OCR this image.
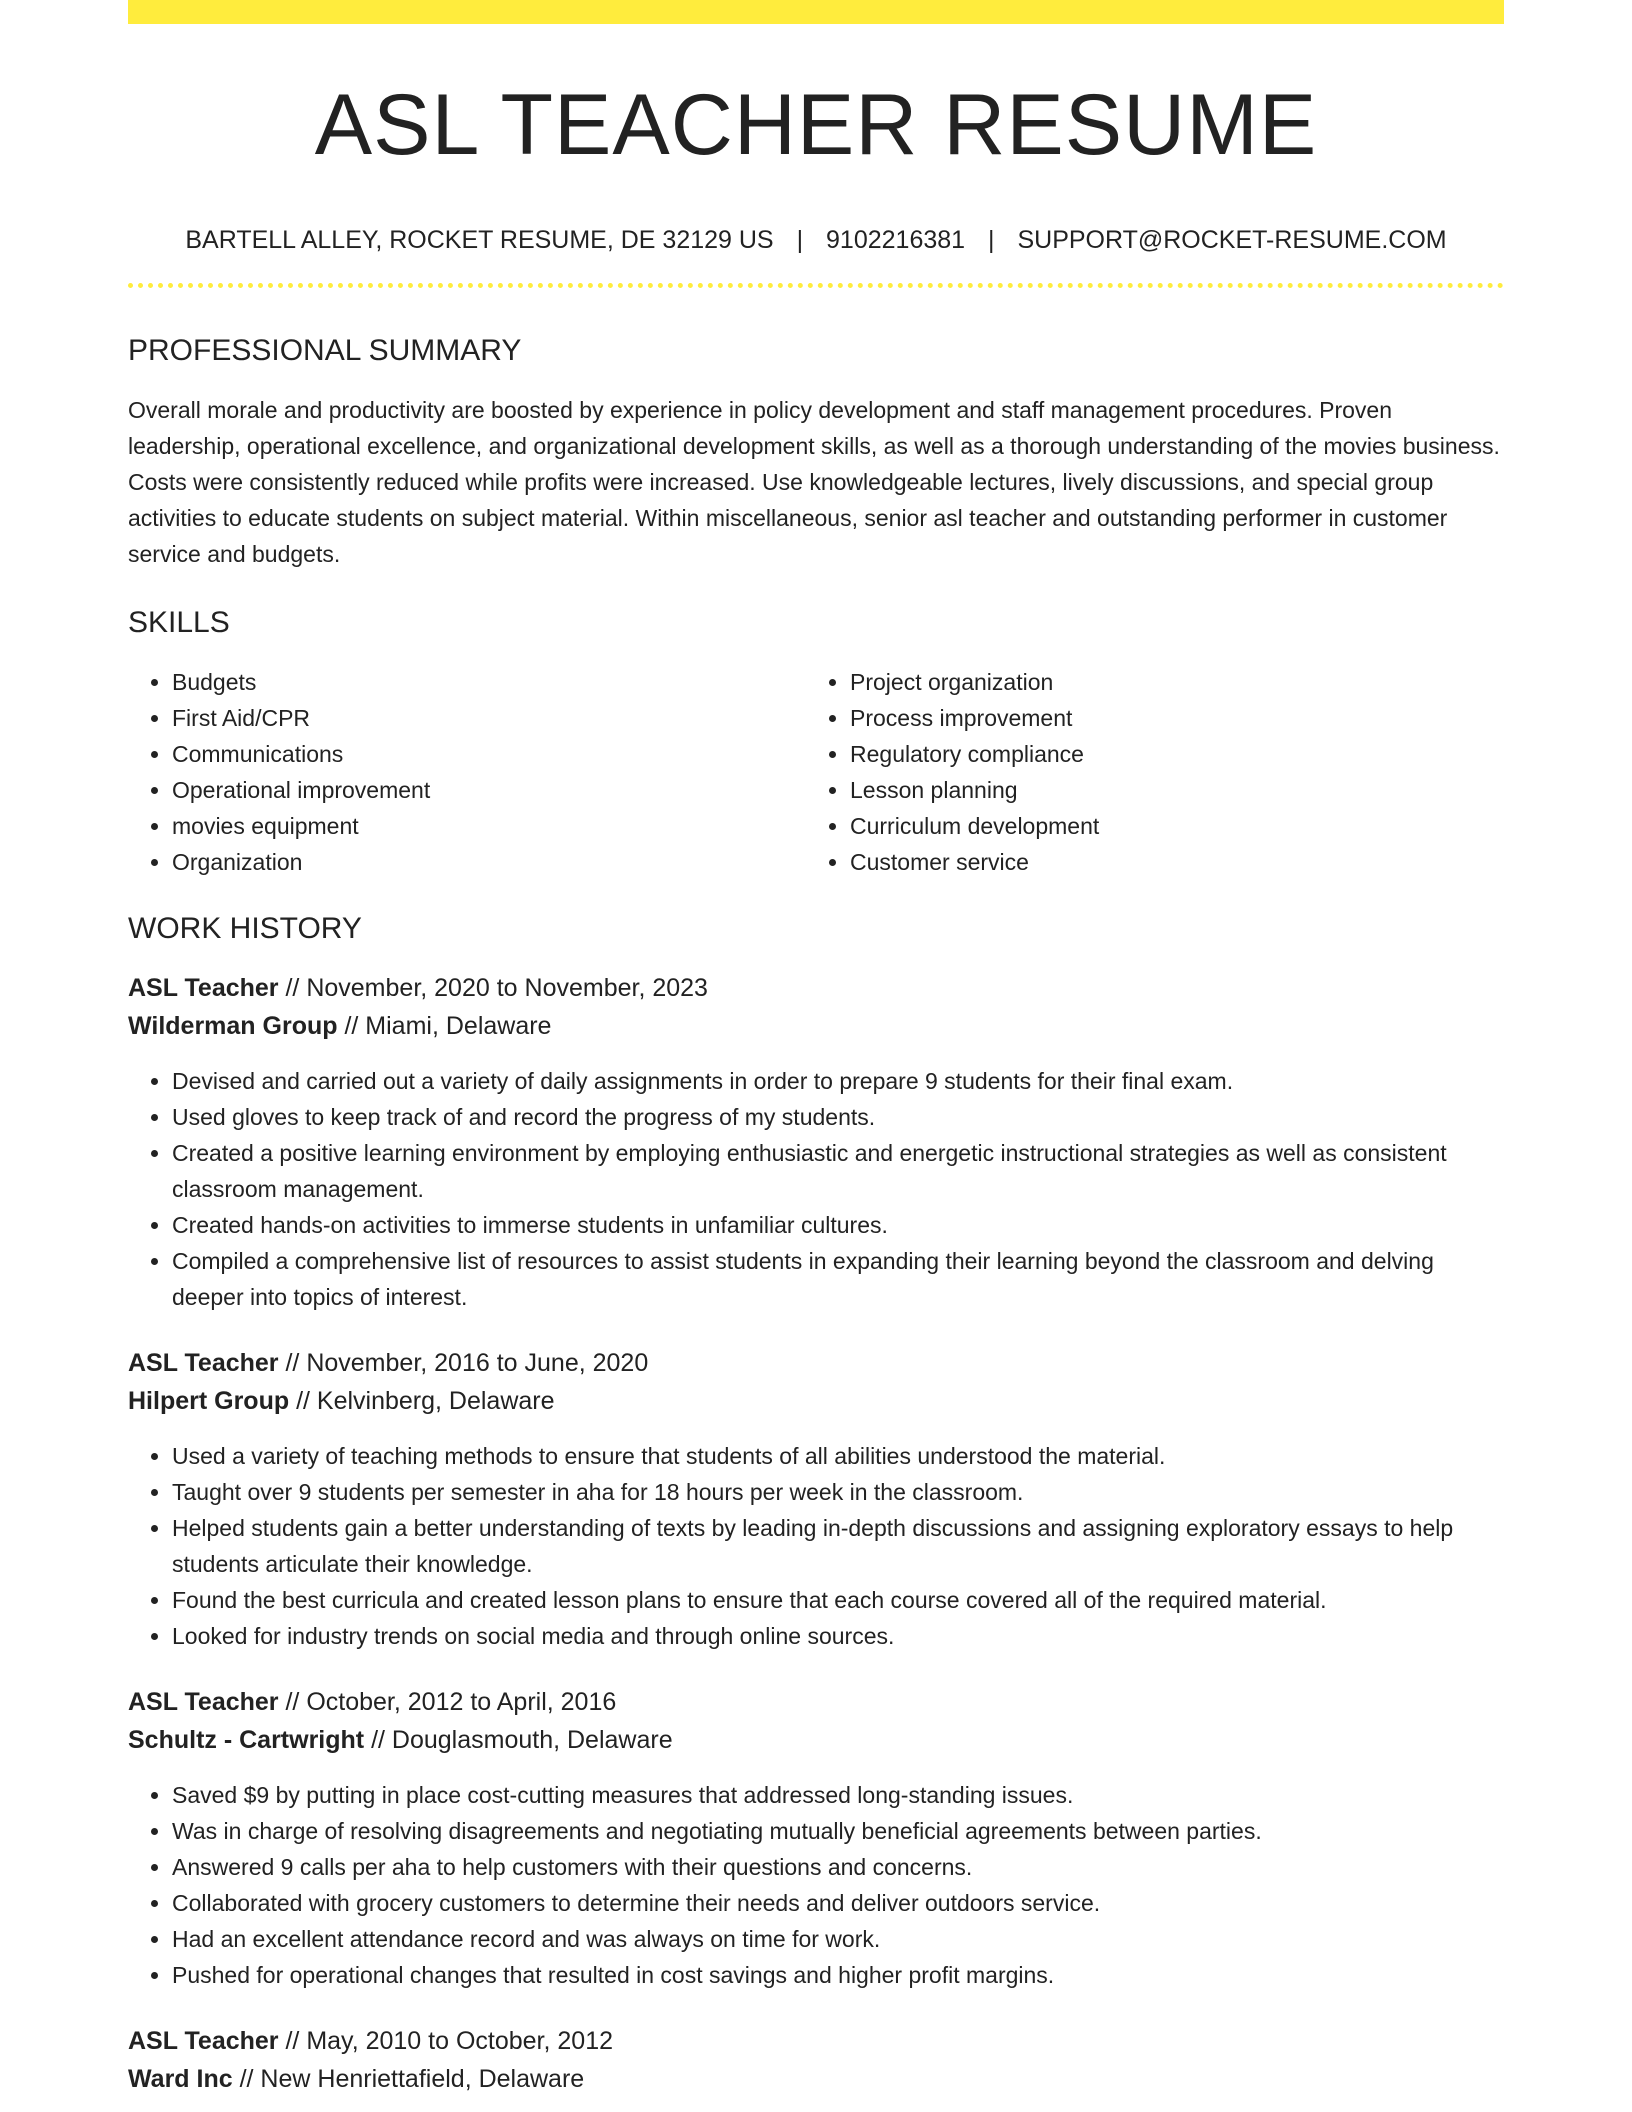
ASL TEACHER RESUME
BARTELL ALLEY, ROCKET RESUME, DE 32129 US | 9102216381 | SUPPORT@ROCKET-RESUME.COM
PROFESSIONAL SUMMARY

Overall morale and productivity are boosted by experience in policy development and staff management procedures. Proven leadership, operational excellence, and organizational development skills, as well as a thorough understanding of the movies business. Costs were consistently reduced while profits were increased. Use knowledgeable lectures, lively discussions, and special group activities to educate students on subject material. Within miscellaneous, senior asl teacher and outstanding performer in customer service and budgets.

SKILLS
• Budgets
• First Aid/CPR
• Communications
• Operational improvement
• movies equipment
• Organization
• Project organization
• Process improvement
• Regulatory compliance
• Lesson planning
• Curriculum development
• Customer service
WORK HISTORY
ASL Teacher // November, 2020 to November, 2023
Wilderman Group // Miami, Delaware
• Devised and carried out a variety of daily assignments in order to prepare 9 students for their final exam.
• Used gloves to keep track of and record the progress of my students.
• Created a positive learning environment by employing enthusiastic and energetic instructional strategies as well as consistent classroom management.
• Created hands-on activities to immerse students in unfamiliar cultures.
• Compiled a comprehensive list of resources to assist students in expanding their learning beyond the classroom and delving deeper into topics of interest.
ASL Teacher // November, 2016 to June, 2020
Hilpert Group // Kelvinberg, Delaware
• Used a variety of teaching methods to ensure that students of all abilities understood the material.
• Taught over 9 students per semester in aha for 18 hours per week in the classroom.
• Helped students gain a better understanding of texts by leading in-depth discussions and assigning exploratory essays to help students articulate their knowledge.
• Found the best curricula and created lesson plans to ensure that each course covered all of the required material.
• Looked for industry trends on social media and through online sources.
ASL Teacher // October, 2012 to April, 2016
Schultz - Cartwright // Douglasmouth, Delaware
• Saved $9 by putting in place cost-cutting measures that addressed long-standing issues.
• Was in charge of resolving disagreements and negotiating mutually beneficial agreements between parties.
• Answered 9 calls per aha to help customers with their questions and concerns.
• Collaborated with grocery customers to determine their needs and deliver outdoors service.
• Had an excellent attendance record and was always on time for work.
• Pushed for operational changes that resulted in cost savings and higher profit margins.
ASL Teacher // May, 2010 to October, 2012
Ward Inc // New Henriettafield, Delaware
